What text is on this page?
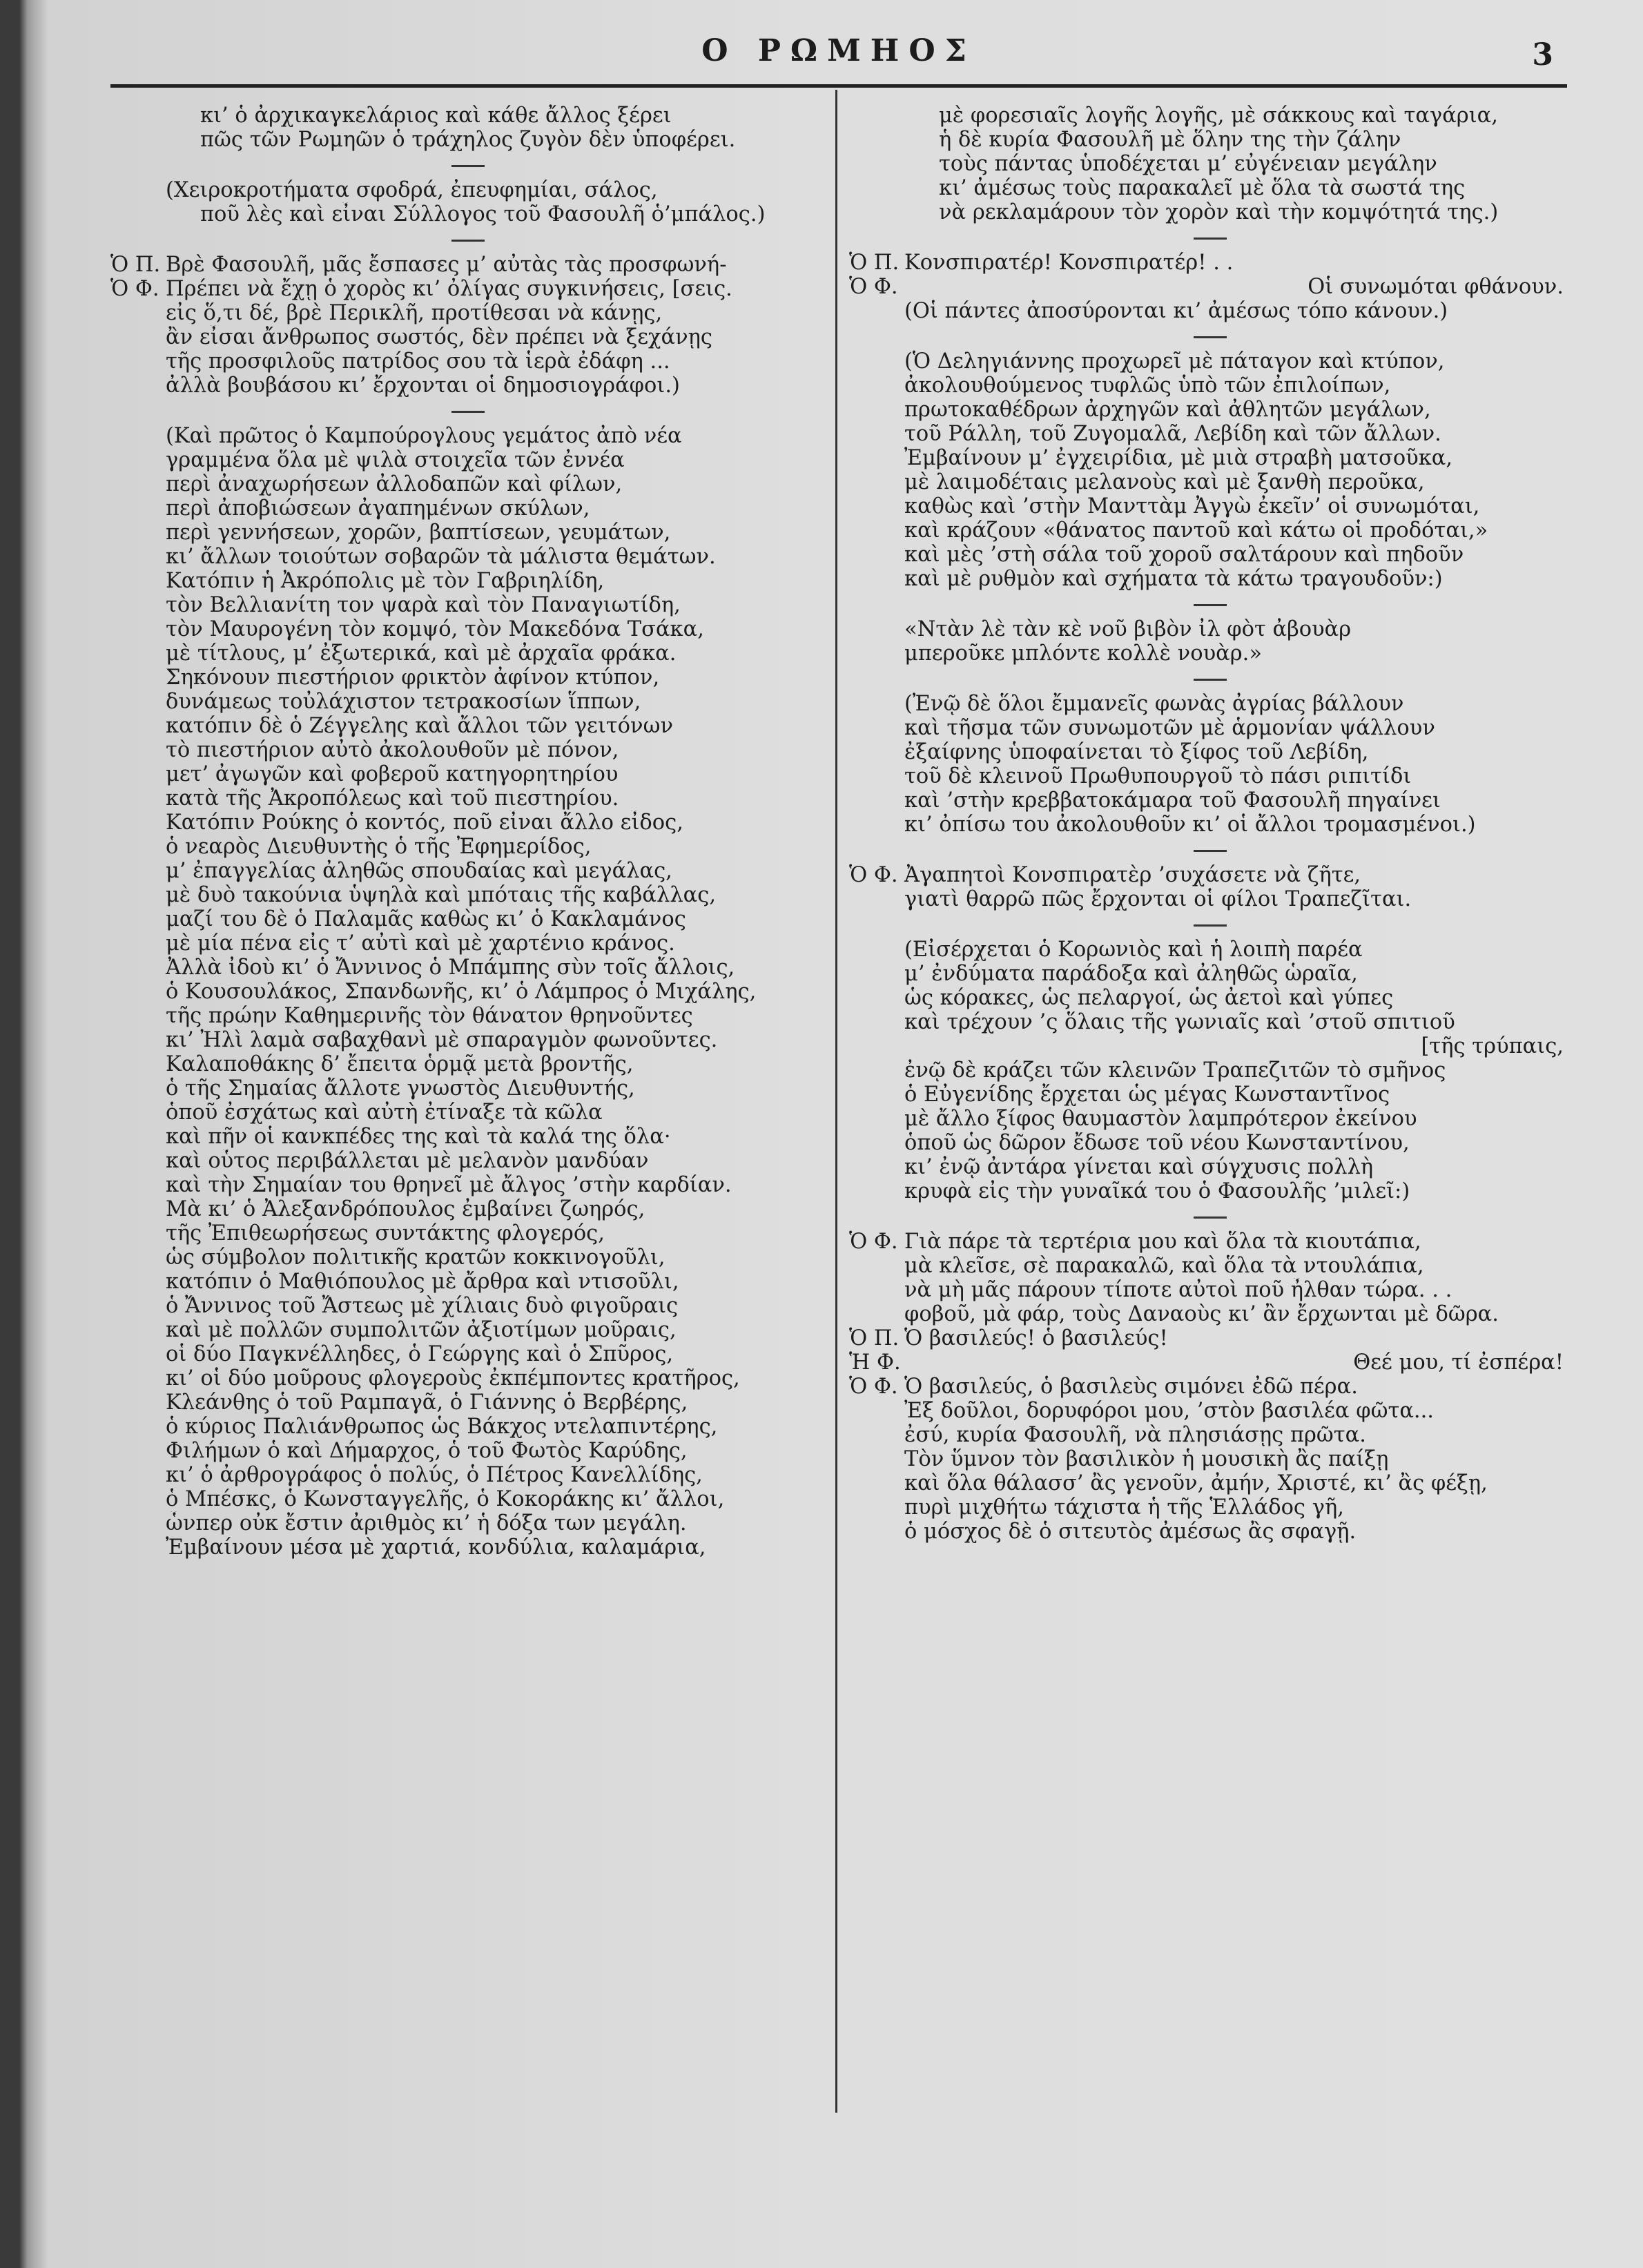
Ο ΡΩΜΗΟΣ	3
κι’ ὁ ἀρχικαγκελάριος καὶ κάθε ἄλλος ξέρει
πῶς τῶν Ρωμηῶν ὁ τράχηλος ζυγὸν δὲν ὑποφέρει.
(Χειροκροτήματα σφοδρά, ἐπευφημίαι, σάλος,
ποῦ λὲς καὶ εἶναι Σύλλογος τοῦ Φασουλῆ ὁ’μπάλος.)
Ὁ Π. Βρὲ Φασουλῆ, μᾶς ἔσπασες μ’ αὐτὰς τὰς προσφωνή-
Ὁ Φ. Πρέπει νὰ ἔχῃ ὁ χορὸς κι’ ὀλίγας συγκινήσεις, [σεις.
εἰς ὅ,τι δέ, βρὲ Περικλῆ, προτίθεσαι νὰ κάνῃς,
ἂν εἶσαι ἄνθρωπος σωστός, δὲν πρέπει νὰ ξεχάνῃς
τῆς προσφιλοῦς πατρίδος σου τὰ ἱερὰ ἐδάφη ...
ἀλλὰ βουβάσου κι’ ἔρχονται οἱ δημοσιογράφοι.)
(Καὶ πρῶτος ὁ Καμπούρογλους γεμάτος ἀπὸ νέα
γραμμένα ὅλα μὲ ψιλὰ στοιχεῖα τῶν ἐννέα
περὶ ἀναχωρήσεων ἀλλοδαπῶν καὶ φίλων,
περὶ ἀποβιώσεων ἀγαπημένων σκύλων,
περὶ γεννήσεων, χορῶν, βαπτίσεων, γευμάτων,
κι’ ἄλλων τοιούτων σοβαρῶν τὰ μάλιστα θεμάτων.
Κατόπιν ἡ Ἀκρόπολις μὲ τὸν Γαβριηλίδη,
τὸν Βελλιανίτη τον ψαρὰ καὶ τὸν Παναγιωτίδη,
τὸν Μαυρογένη τὸν κομψό, τὸν Μακεδόνα Τσάκα,
μὲ τίτλους, μ’ ἐξωτερικά, καὶ μὲ ἀρχαῖα φράκα.
Σηκόνουν πιεστήριον φρικτὸν ἀφίνον κτύπον,
δυνάμεως τοὐλάχιστον τετρακοσίων ἵππων,
κατόπιν δὲ ὁ Ζέγγελης καὶ ἄλλοι τῶν γειτόνων
τὸ πιεστήριον αὐτὸ ἀκολουθοῦν μὲ πόνον,
μετ’ ἀγωγῶν καὶ φοβεροῦ κατηγορητηρίου
κατὰ τῆς Ἀκροπόλεως καὶ τοῦ πιεστηρίου.
Κατόπιν Ρούκης ὁ κοντός, ποῦ εἶναι ἄλλο εἶδος,
ὁ νεαρὸς Διευθυντὴς ὁ τῆς Ἐφημερίδος,
μ’ ἐπαγγελίας ἀληθῶς σπουδαίας καὶ μεγάλας,
μὲ δυὸ τακούνια ὑψηλὰ καὶ μπόταις τῆς καβάλλας,
μαζί του δὲ ὁ Παλαμᾶς καθὼς κι’ ὁ Κακλαμάνος
μὲ μία πένα εἰς τ’ αὐτὶ καὶ μὲ χαρτένιο κράνος.
Ἀλλὰ ἰδοὺ κι’ ὁ Ἄννινος ὁ Μπάμπης σὺν τοῖς ἄλλοις,
ὁ Κουσουλάκος, Σπανδωνῆς, κι’ ὁ Λάμπρος ὁ Μιχάλης,
τῆς πρώην Καθημερινῆς τὸν θάνατον θρηνοῦντες
κι’ Ἠλὶ λαμὰ σαβαχθανὶ μὲ σπαραγμὸν φωνοῦντες.
Καλαποθάκης δ’ ἔπειτα ὁρμᾷ μετὰ βροντῆς,
ὁ τῆς Σημαίας ἄλλοτε γνωστὸς Διευθυντής,
ὁποῦ ἐσχάτως καὶ αὐτὴ ἐτίναξε τὰ κῶλα
καὶ πῆν οἱ κανκπέδες της καὶ τὰ καλά της ὅλα·
καὶ οὗτος περιβάλλεται μὲ μελανὸν μανδύαν
καὶ τὴν Σημαίαν του θρηνεῖ μὲ ἄλγος ’στὴν καρδίαν.
Μὰ κι’ ὁ Ἀλεξανδρόπουλος ἐμβαίνει ζωηρός,
τῆς Ἐπιθεωρήσεως συντάκτης φλογερός,
ὡς σύμβολον πολιτικῆς κρατῶν κοκκινογοῦλι,
κατόπιν ὁ Μαθιόπουλος μὲ ἄρθρα καὶ ντισοῦλι,
ὁ Ἄννινος τοῦ Ἄστεως μὲ χίλιαις δυὸ φιγοῦραις
καὶ μὲ πολλῶν συμπολιτῶν ἀξιοτίμων μοῦραις,
οἱ δύο Παγκνέλληδες, ὁ Γεώργης καὶ ὁ Σπῦρος,
κι’ οἱ δύο μοῦρους φλογεροὺς ἐκπέμποντες κρατῆρος,
Κλεάνθης ὁ τοῦ Ραμπαγᾶ, ὁ Γιάννης ὁ Βερβέρης,
ὁ κύριος Παλιάνθρωπος ὡς Βάκχος ντελαπιντέρης,
Φιλήμων ὁ καὶ Δήμαρχος, ὁ τοῦ Φωτὸς Καρύδης,
κι’ ὁ ἀρθρογράφος ὁ πολύς, ὁ Πέτρος Κανελλίδης,
ὁ Μπέσκς, ὁ Κωνσταγγελῆς, ὁ Κοκοράκης κι’ ἄλλοι,
ὧνπερ οὐκ ἔστιν ἀριθμὸς κι’ ἡ δόξα των μεγάλη.
Ἐμβαίνουν μέσα μὲ χαρτιά, κονδύλια, καλαμάρια,
μὲ φορεσιαῖς λογῆς λογῆς, μὲ σάκκους καὶ ταγάρια,
ἡ δὲ κυρία Φασουλῆ μὲ ὅλην της τὴν ζάλην
τοὺς πάντας ὑποδέχεται μ’ εὐγένειαν μεγάλην
κι’ ἀμέσως τοὺς παρακαλεῖ μὲ ὅλα τὰ σωστά της
νὰ ρεκλαμάρουν τὸν χορὸν καὶ τὴν κομψότητά της.)
Ὁ Π. Κονσπιρατέρ! Κονσπιρατέρ! . .
Ὁ Φ.	Οἱ συνωμόται φθάνουν.
(Οἱ πάντες ἀποσύρονται κι’ ἀμέσως τόπο κάνουν.)
(Ὁ Δεληγιάννης προχωρεῖ μὲ πάταγον καὶ κτύπον,
ἀκολουθούμενος τυφλῶς ὑπὸ τῶν ἐπιλοίπων,
πρωτοκαθέδρων ἀρχηγῶν καὶ ἀθλητῶν μεγάλων,
τοῦ Ράλλη, τοῦ Ζυγομαλᾶ, Λεβίδη καὶ τῶν ἄλλων.
Ἐμβαίνουν μ’ ἐγχειρίδια, μὲ μιὰ στραβὴ ματσοῦκα,
μὲ λαιμοδέταις μελανοὺς καὶ μὲ ξανθὴ περοῦκα,
καθὼς καὶ ’στὴν Μανττὰμ Ἀγγὼ ἐκεῖν’ οἱ συνωμόται,
καὶ κράζουν «θάνατος παντοῦ καὶ κάτω οἱ προδόται,»
καὶ μὲς ’στὴ σάλα τοῦ χοροῦ σαλτάρουν καὶ πηδοῦν
καὶ μὲ ρυθμὸν καὶ σχήματα τὰ κάτω τραγουδοῦν:)
«Ντὰν λὲ τὰν κὲ νοῦ βιβὸν ἰλ φὸτ ἀβουὰρ
μπεροῦκε μπλόντε κολλὲ νουὰρ.»
(Ἐνῷ δὲ ὅλοι ἔμμανεῖς φωνὰς ἀγρίας βάλλουν
καὶ τῆσμα τῶν συνωμοτῶν μὲ ἁρμονίαν ψάλλουν
ἐξαίφνης ὑποφαίνεται τὸ ξίφος τοῦ Λεβίδη,
τοῦ δὲ κλεινοῦ Πρωθυπουργοῦ τὸ πάσι ριπιτίδι
καὶ ’στὴν κρεββατοκάμαρα τοῦ Φασουλῆ πηγαίνει
κι’ ὀπίσω του ἀκολουθοῦν κι’ οἱ ἄλλοι τρομασμένοι.)
Ὁ Φ. Ἀγαπητοὶ Κονσπιρατὲρ ’συχάσετε νὰ ζῆτε,
γιατὶ θαρρῶ πῶς ἔρχονται οἱ φίλοι Τραπεζῖται.
(Εἰσέρχεται ὁ Κορωνιὸς καὶ ἡ λοιπὴ παρέα
μ’ ἐνδύματα παράδοξα καὶ ἀληθῶς ὡραῖα,
ὡς κόρακες, ὡς πελαργοί, ὡς ἀετοὶ καὶ γύπες
καὶ τρέχουν ’ς ὅλαις τῆς γωνιαῖς καὶ ’στοῦ σπιτιοῦ
[τῆς τρύπαις,
ἐνῷ δὲ κράζει τῶν κλεινῶν Τραπεζιτῶν τὸ σμῆνος
ὁ Εὐγενίδης ἔρχεται ὡς μέγας Κωνσταντῖνος
μὲ ἄλλο ξίφος θαυμαστὸν λαμπρότερον ἐκείνου
ὁποῦ ὡς δῶρον ἔδωσε τοῦ νέου Κωνσταντίνου,
κι’ ἐνῷ ἀντάρα γίνεται καὶ σύγχυσις πολλὴ
κρυφὰ εἰς τὴν γυναῖκά του ὁ Φασουλῆς ’μιλεῖ:)
Ὁ Φ. Γιὰ πάρε τὰ τερτέρια μου καὶ ὅλα τὰ κιουτάπια,
μὰ κλεῖσε, σὲ παρακαλῶ, καὶ ὅλα τὰ ντουλάπια,
νὰ μὴ μᾶς πάρουν τίποτε αὐτοὶ ποῦ ἦλθαν τώρα. . .
φοβοῦ, μὰ φάρ, τοὺς Δαναοὺς κι’ ἂν ἔρχωνται μὲ δῶρα.
Ὁ Π. Ὁ βασιλεύς! ὁ βασιλεύς!
Ἡ Φ.	Θεέ μου, τί ἐσπέρα!
Ὁ Φ. Ὁ βασιλεύς, ὁ βασιλεὺς σιμόνει ἐδῶ πέρα.
Ἐξ δοῦλοι, δορυφόροι μου, ’στὸν βασιλέα φῶτα...
ἐσύ, κυρία Φασουλῆ, νὰ πλησιάσῃς πρῶτα.
Τὸν ὕμνον τὸν βασιλικὸν ἡ μουσικὴ ἂς παίξῃ
καὶ ὅλα θάλασσ’ ἂς γενοῦν, ἀμήν, Χριστέ, κι’ ἂς φέξῃ,
πυρὶ μιχθήτω τάχιστα ἡ τῆς Ἑλλάδος γῆ,
ὁ μόσχος δὲ ὁ σιτευτὸς ἀμέσως ἂς σφαγῇ.
